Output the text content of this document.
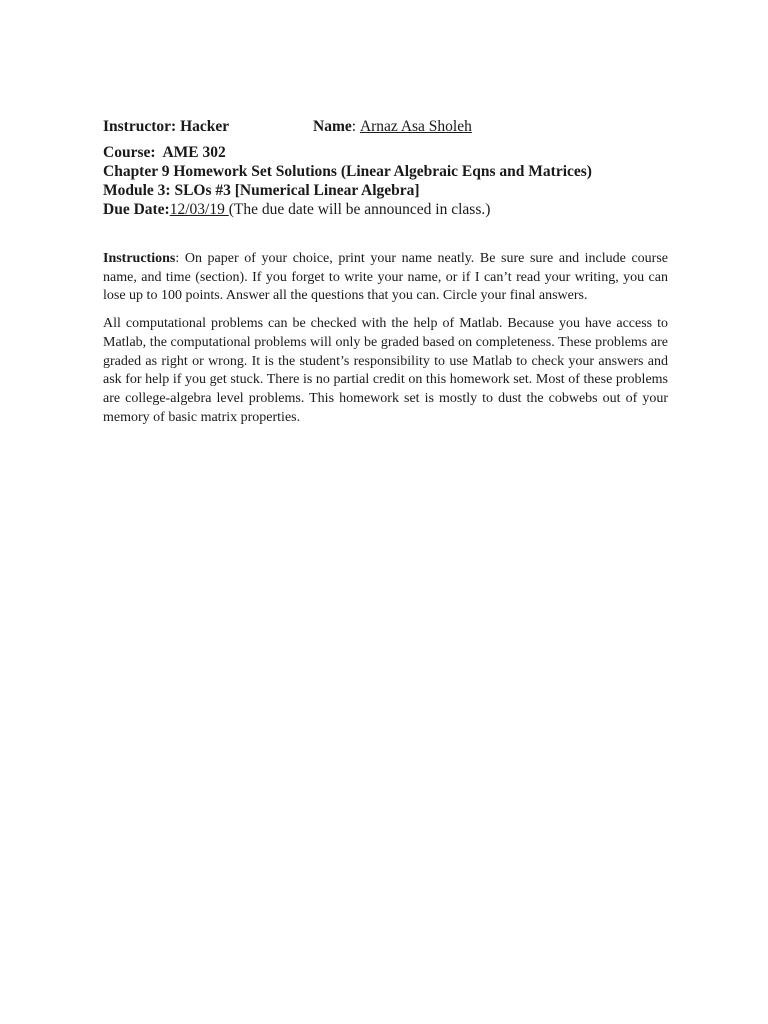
Instructor: Hacker	Name: Arnaz Asa Sholeh
Course: AME 302
Chapter 9 Homework Set Solutions (Linear Algebraic Eqns and Matrices)
Module 3: SLOs #3 [Numerical Linear Algebra]
Due Date:12/03/19 (The due date will be announced in class.)
Instructions: On paper of your choice, print your name neatly. Be sure sure and include course name, and time (section). If you forget to write your name, or if I can’t read your writing, you can lose up to 100 points. Answer all the questions that you can. Circle your final answers.
All computational problems can be checked with the help of Matlab. Because you have access to Matlab, the computational problems will only be graded based on completeness. These problems are graded as right or wrong. It is the student’s responsibility to use Matlab to check your answers and ask for help if you get stuck. There is no partial credit on this homework set. Most of these problems are college-algebra level problems. This homework set is mostly to dust the cobwebs out of your memory of basic matrix properties.
